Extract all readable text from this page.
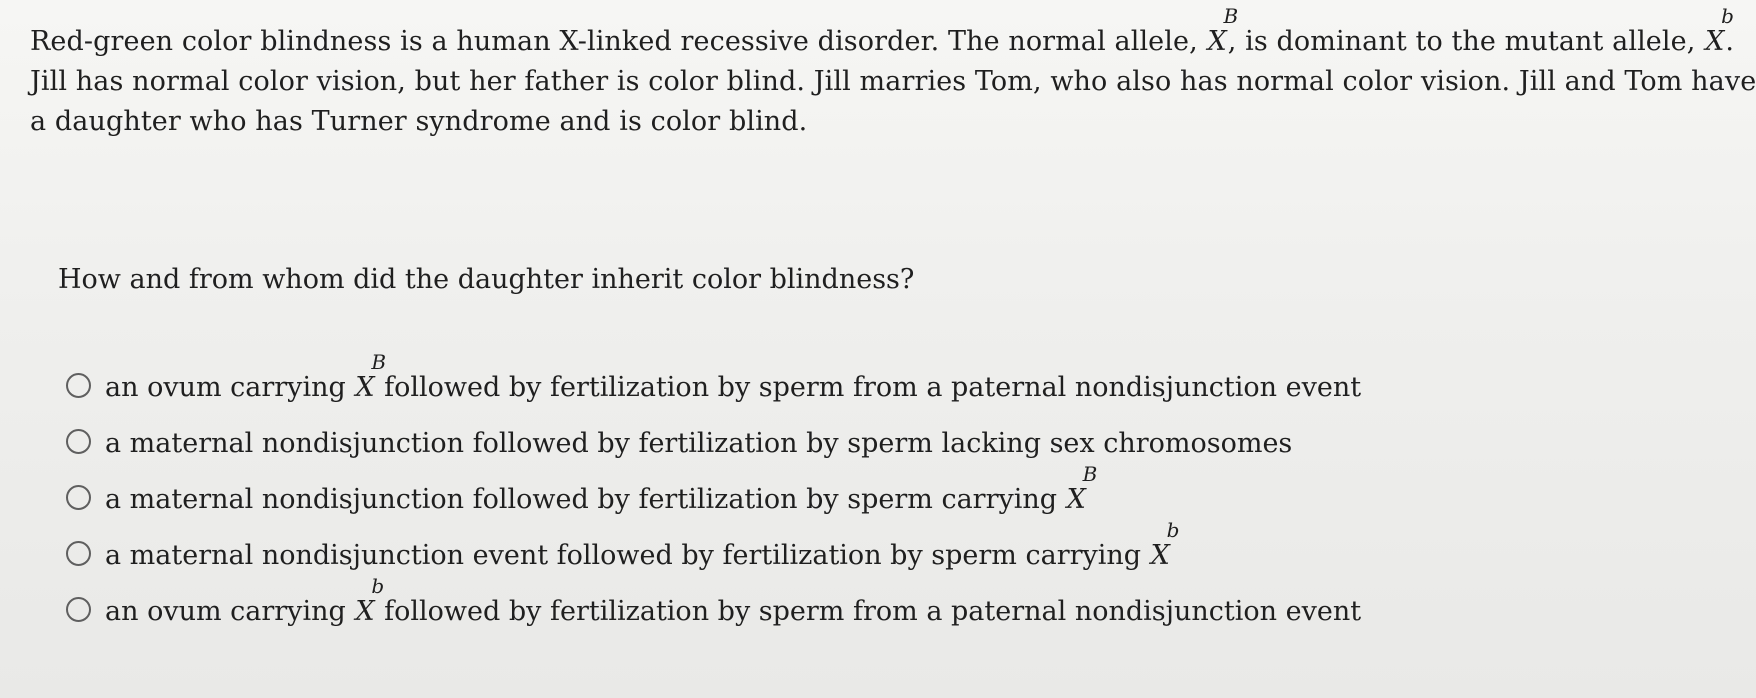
Red-green color blindness is a human X-linked recessive disorder. The normal allele, X
B
, is dominant to the mutant allele, X
b
.
Jill has normal color vision, but her father is color blind. Jill marries Tom, who also has normal color vision. Jill and Tom have
a daughter who has Turner syndrome and is color blind.
How and from whom did the daughter inherit color blindness?
an ovum carrying X
B
followed by fertilization by sperm from a paternal nondisjunction event
a maternal nondisjunction followed by fertilization by sperm lacking sex chromosomes
a maternal nondisjunction followed by fertilization by sperm carrying X
B
a maternal nondisjunction event followed by fertilization by sperm carrying X
b
an ovum carrying X
b
followed by fertilization by sperm from a paternal nondisjunction event
